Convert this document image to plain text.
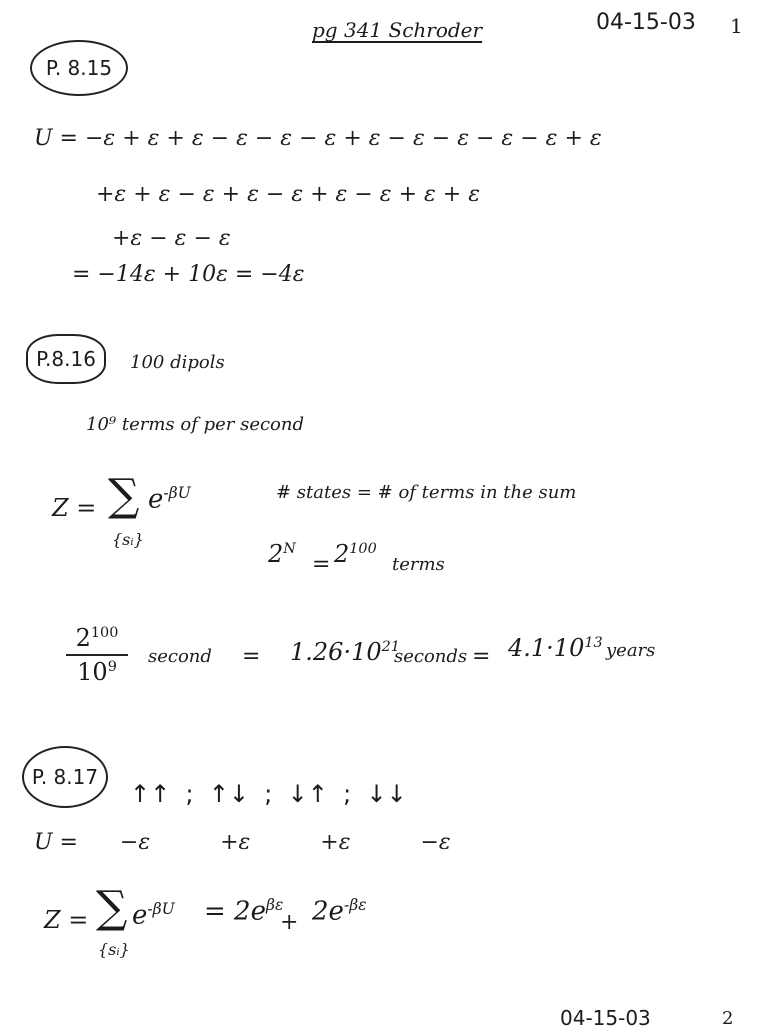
pg 341 Schroder	04-15-03 1
P. 8.15
U = −ε + ε + ε − ε − ε − ε + ε − ε − ε − ε − ε + ε
+ε + ε − ε + ε − ε + ε − ε + ε + ε
+ε − ε − ε
= −14ε + 10ε = −4ε
P.8.16 100 dipols
10⁹ terms of per second
Z = ∑ $e^{-\beta U}$
{sᵢ}
# states = # of terms in the sum
$2^N$
= $2^{100}$
terms
$2^{100}$
$10^9$	second = $1.26\cdot 10^{21}$
seconds = $4.1\cdot 10^{13}$ years
P. 8.17
↑↑  ;  ↑↓  ;  ↓↑  ;  ↓↓
U =      −ε          +ε          +ε          −ε
Z = ∑ $e^{-\beta U}$
{sᵢ}
= $2e^{\beta\varepsilon}$
+ $2e^{-\beta\varepsilon}$
04-15-03	2
